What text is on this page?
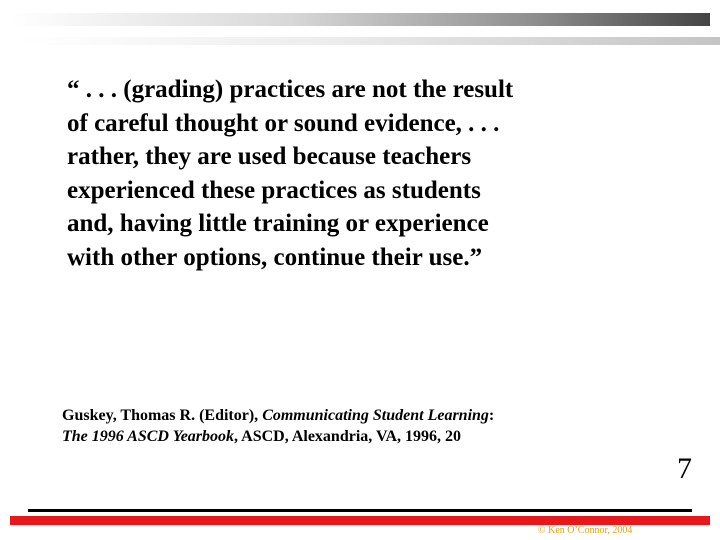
“ . . . (grading) practices are not the result
of careful thought or sound evidence, . . .
rather, they are used because teachers
experienced these practices as students
and, having little training or experience
with other options, continue their use.”
Guskey, Thomas R. (Editor), Communicating Student Learning:
The 1996 ASCD Yearbook, ASCD, Alexandria, VA, 1996, 20
7
© Ken O’Connor, 2004
